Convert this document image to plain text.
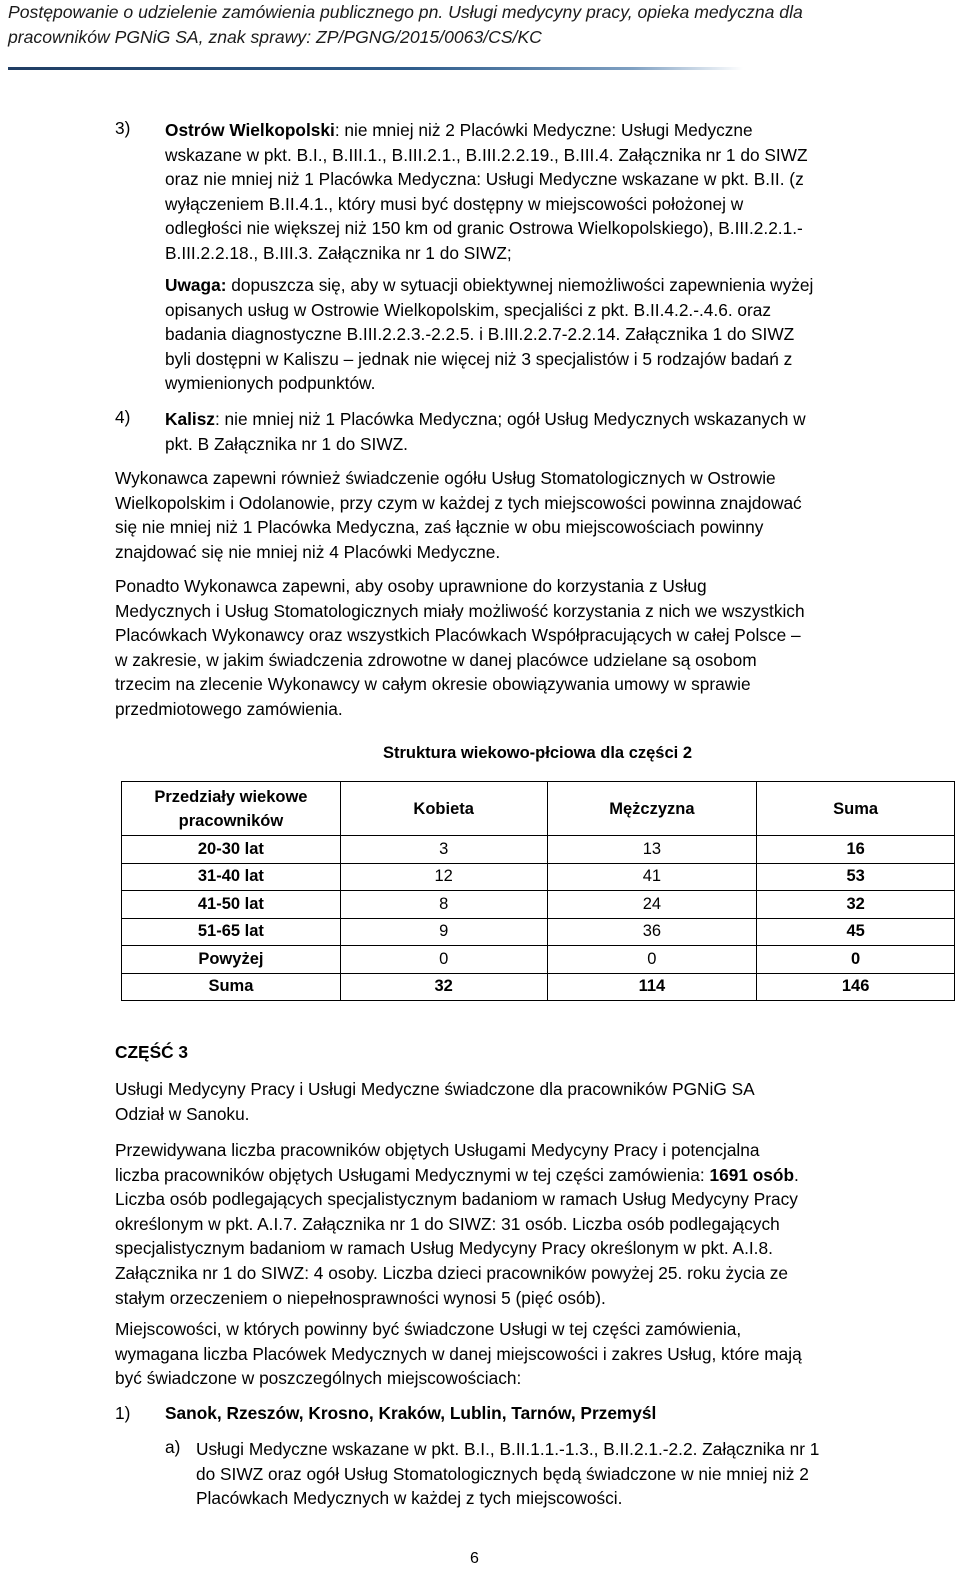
Postępowanie o udzielenie zamówienia publicznego pn. Usługi medycyny pracy, opieka medyczna dla
pracowników PGNiG SA, znak sprawy: ZP/PGNG/2015/0063/CS/KC
3) Ostrów Wielkopolski: nie mniej niż 2 Placówki Medyczne: Usługi Medyczne
wskazane w pkt. B.I., B.III.1., B.III.2.1., B.III.2.2.19., B.III.4. Załącznika nr 1 do SIWZ
oraz nie mniej niż 1 Placówka Medyczna: Usługi Medyczne wskazane w pkt. B.II. (z
wyłączeniem B.II.4.1., który musi być dostępny w miejscowości położonej w
odległości nie większej niż 150 km od granic Ostrowa Wielkopolskiego), B.III.2.2.1.-
B.III.2.2.18., B.III.3. Załącznika nr 1 do SIWZ;
Uwaga: dopuszcza się, aby w sytuacji obiektywnej niemożliwości zapewnienia wyżej
opisanych usług w Ostrowie Wielkopolskim, specjaliści z pkt. B.II.4.2.-.4.6. oraz
badania diagnostyczne B.III.2.2.3.-2.2.5. i B.III.2.2.7-2.2.14. Załącznika 1 do SIWZ
byli dostępni w Kaliszu – jednak nie więcej niż 3 specjalistów i 5 rodzajów badań z
wymienionych podpunktów.
4) Kalisz: nie mniej niż 1 Placówka Medyczna; ogół Usług Medycznych wskazanych w
pkt. B Załącznika nr 1 do SIWZ.
Wykonawca zapewni również świadczenie ogółu Usług Stomatologicznych w Ostrowie
Wielkopolskim i Odolanowie, przy czym w każdej z tych miejscowości powinna znajdować
się nie mniej niż 1 Placówka Medyczna, zaś łącznie w obu miejscowościach powinny
znajdować się nie mniej niż 4 Placówki Medyczne.
Ponadto Wykonawca zapewni, aby osoby uprawnione do korzystania z Usług
Medycznych i Usług Stomatologicznych miały możliwość korzystania z nich we wszystkich
Placówkach Wykonawcy oraz wszystkich Placówkach Współpracujących w całej Polsce –
w zakresie, w jakim świadczenia zdrowotne w danej placówce udzielane są osobom
trzecim na zlecenie Wykonawcy w całym okresie obowiązywania umowy w sprawie
przedmiotowego zamówienia.
Struktura wiekowo-płciowa dla części 2
Przedziały wiekowe pracowników	Kobieta	Mężczyzna	Suma
20-30 lat	3	13	16
31-40 lat	12	41	53
41-50 lat	8	24	32
51-65 lat	9	36	45
Powyżej	0	0	0
Suma	32	114	146
CZĘŚĆ 3
Usługi Medycyny Pracy i Usługi Medyczne świadczone dla pracowników PGNiG SA
Odział w Sanoku.
Przewidywana liczba pracowników objętych Usługami Medycyny Pracy i potencjalna
liczba pracowników objętych Usługami Medycznymi w tej części zamówienia: 1691 osób.
Liczba osób podlegających specjalistycznym badaniom w ramach Usług Medycyny Pracy
określonym w pkt. A.I.7. Załącznika nr 1 do SIWZ: 31 osób. Liczba osób podlegających
specjalistycznym badaniom w ramach Usług Medycyny Pracy określonym w pkt. A.I.8.
Załącznika nr 1 do SIWZ: 4 osoby. Liczba dzieci pracowników powyżej 25. roku życia ze
stałym orzeczeniem o niepełnosprawności wynosi 5 (pięć osób).
Miejscowości, w których powinny być świadczone Usługi w tej części zamówienia,
wymagana liczba Placówek Medycznych w danej miejscowości i zakres Usług, które mają
być świadczone w poszczególnych miejscowościach:
1) Sanok, Rzeszów, Krosno, Kraków, Lublin, Tarnów, Przemyśl
a) Usługi Medyczne wskazane w pkt. B.I., B.II.1.1.-1.3., B.II.2.1.-2.2. Załącznika nr 1
do SIWZ oraz ogół Usług Stomatologicznych będą świadczone w nie mniej niż 2
Placówkach Medycznych w każdej z tych miejscowości.
6
